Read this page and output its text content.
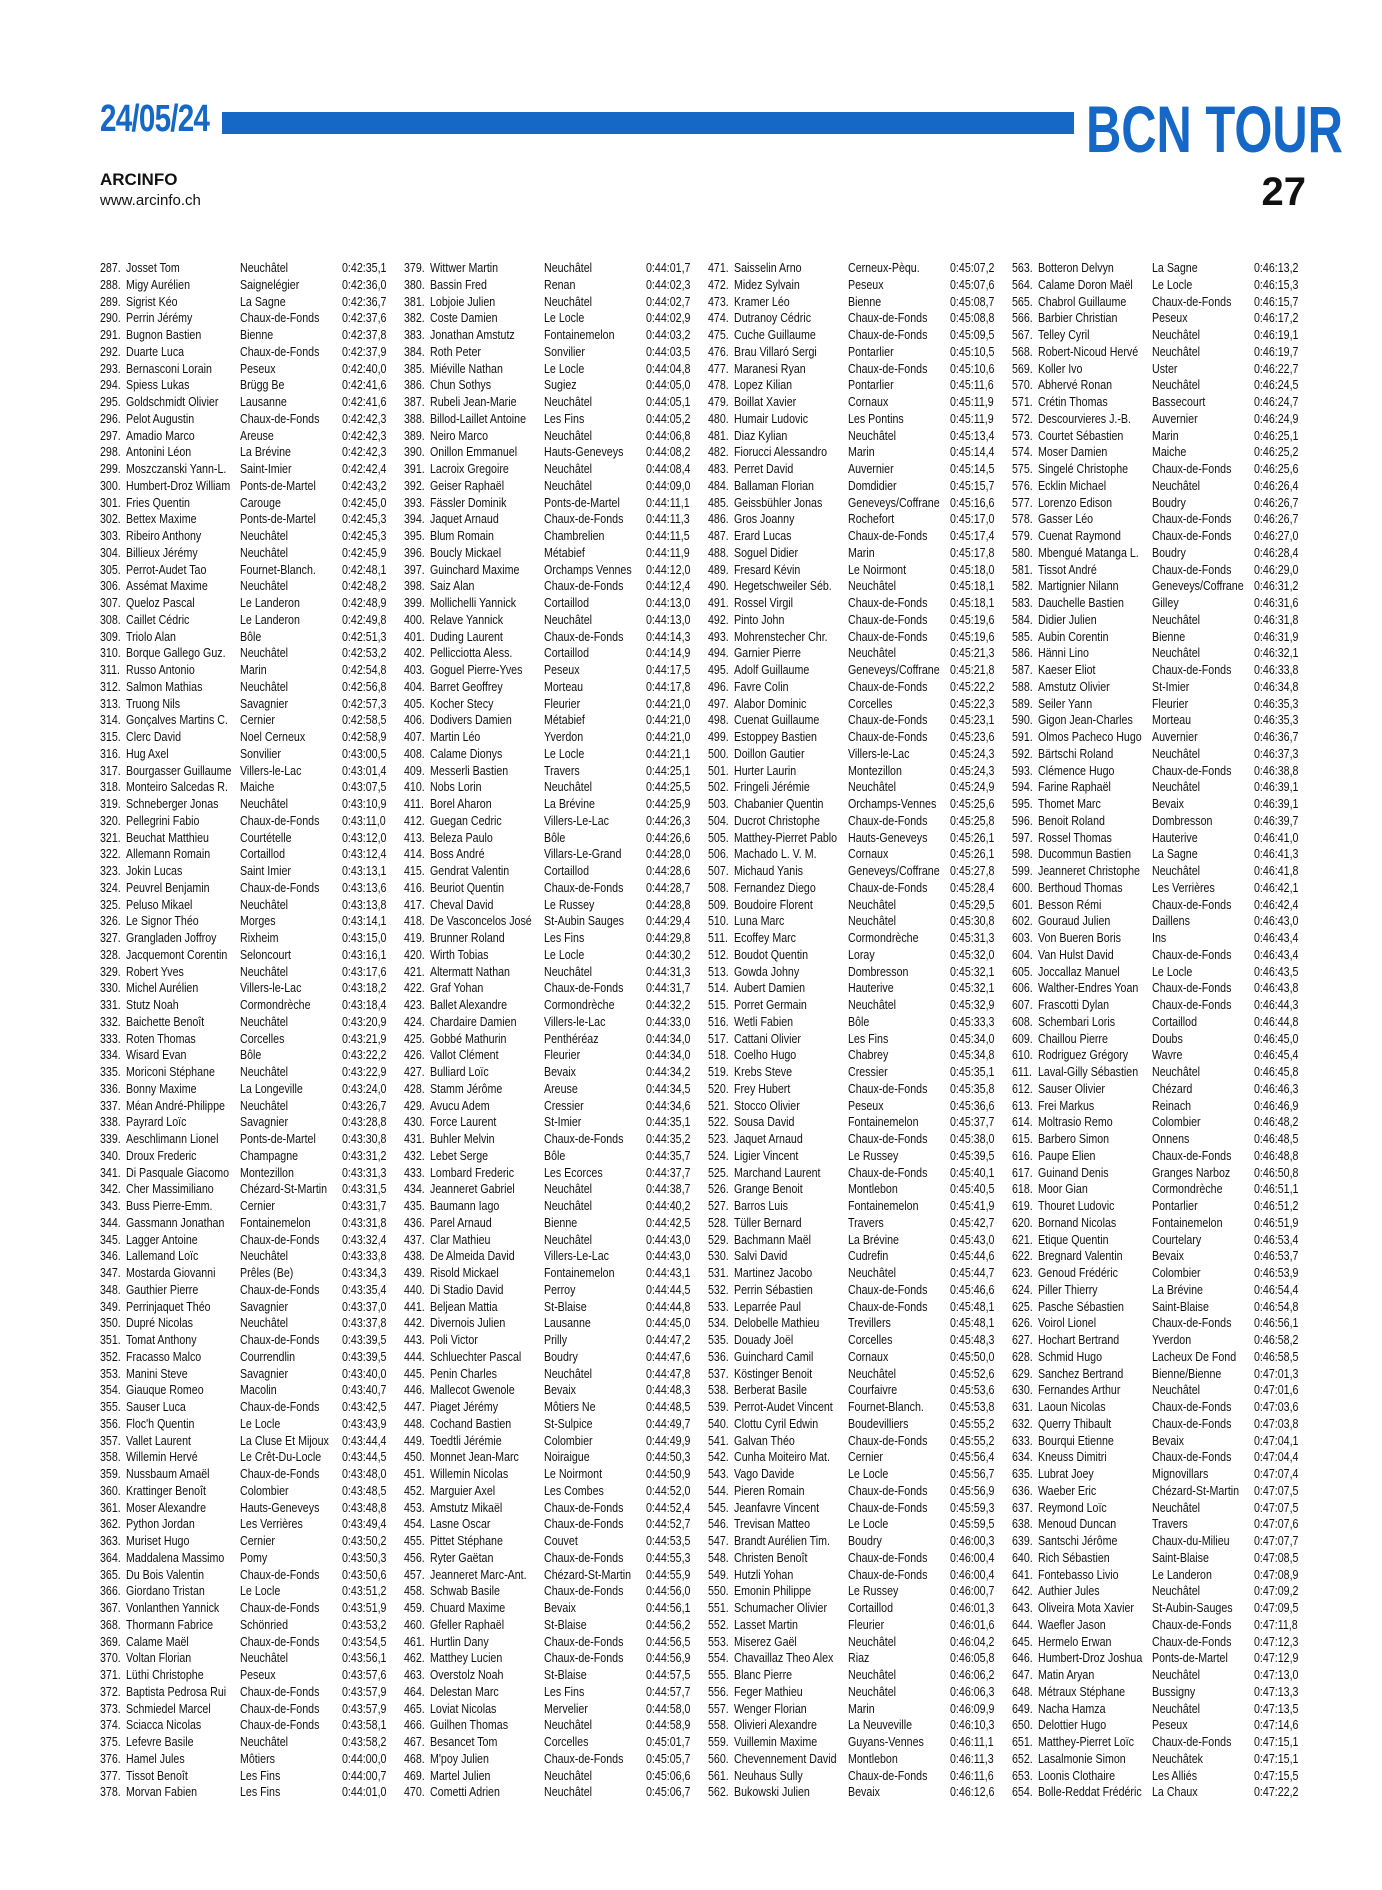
24/05/24	BCN TOUR
ARCINFO
www.arcinfo.ch	27
287.	Josset Tom	Neuchâtel	0:42:35,1
288.	Migy Aurélien	Saignelégier	0:42:36,0
289.	Sigrist Kéo	La Sagne	0:42:36,7
290.	Perrin Jérémy	Chaux-de-Fonds	0:42:37,6
291.	Bugnon Bastien	Bienne	0:42:37,8
292.	Duarte Luca	Chaux-de-Fonds	0:42:37,9
293.	Bernasconi Lorain	Peseux	0:42:40,0
294.	Spiess Lukas	Brügg Be	0:42:41,6
295.	Goldschmidt Olivier	Lausanne	0:42:41,6
296.	Pelot Augustin	Chaux-de-Fonds	0:42:42,3
297.	Amadio Marco	Areuse	0:42:42,3
298.	Antonini Léon	La Brévine	0:42:42,3
299.	Moszczanski Yann-L.	Saint-Imier	0:42:42,4
300.	Humbert-Droz William	Ponts-de-Martel	0:42:43,2
301.	Fries Quentin	Carouge	0:42:45,0
302.	Bettex Maxime	Ponts-de-Martel	0:42:45,3
303.	Ribeiro Anthony	Neuchâtel	0:42:45,3
304.	Billieux Jérémy	Neuchâtel	0:42:45,9
305.	Perrot-Audet Tao	Fournet-Blanch.	0:42:48,1
306.	Assémat Maxime	Neuchâtel	0:42:48,2
307.	Queloz Pascal	Le Landeron	0:42:48,9
308.	Caillet Cédric	Le Landeron	0:42:49,8
309.	Triolo Alan	Bôle	0:42:51,3
310.	Borque Gallego Guz.	Neuchâtel	0:42:53,2
311.	Russo Antonio	Marin	0:42:54,8
312.	Salmon Mathias	Neuchâtel	0:42:56,8
313.	Truong Nils	Savagnier	0:42:57,3
314.	Gonçalves Martins C.	Cernier	0:42:58,5
315.	Clerc David	Noel Cerneux	0:42:58,9
316.	Hug Axel	Sonvilier	0:43:00,5
317.	Bourgasser Guillaume	Villers-le-Lac	0:43:01,4
318.	Monteiro Salcedas R.	Maiche	0:43:07,5
319.	Schneberger Jonas	Neuchâtel	0:43:10,9
320.	Pellegrini Fabio	Chaux-de-Fonds	0:43:11,0
321.	Beuchat Matthieu	Courtételle	0:43:12,0
322.	Allemann Romain	Cortaillod	0:43:12,4
323.	Jokin Lucas	Saint Imier	0:43:13,1
324.	Peuvrel Benjamin	Chaux-de-Fonds	0:43:13,6
325.	Peluso Mikael	Neuchâtel	0:43:13,8
326.	Le Signor Théo	Morges	0:43:14,1
327.	Grangladen Joffroy	Rixheim	0:43:15,0
328.	Jacquemont Corentin	Seloncourt	0:43:16,1
329.	Robert Yves	Neuchâtel	0:43:17,6
330.	Michel Aurélien	Villers-le-Lac	0:43:18,2
331.	Stutz Noah	Cormondrèche	0:43:18,4
332.	Baichette Benoît	Neuchâtel	0:43:20,9
333.	Roten Thomas	Corcelles	0:43:21,9
334.	Wisard Evan	Bôle	0:43:22,2
335.	Moriconi Stéphane	Neuchâtel	0:43:22,9
336.	Bonny Maxime	La Longeville	0:43:24,0
337.	Méan André-Philippe	Neuchâtel	0:43:26,7
338.	Payrard Loïc	Savagnier	0:43:28,8
339.	Aeschlimann Lionel	Ponts-de-Martel	0:43:30,8
340.	Droux Frederic	Champagne	0:43:31,2
341.	Di Pasquale Giacomo	Montezillon	0:43:31,3
342.	Cher Massimiliano	Chézard-St-Martin	0:43:31,5
343.	Buss Pierre-Emm.	Cernier	0:43:31,7
344.	Gassmann Jonathan	Fontainemelon	0:43:31,8
345.	Lagger Antoine	Chaux-de-Fonds	0:43:32,4
346.	Lallemand Loïc	Neuchâtel	0:43:33,8
347.	Mostarda Giovanni	Prêles (Be)	0:43:34,3
348.	Gauthier Pierre	Chaux-de-Fonds	0:43:35,4
349.	Perrinjaquet Théo	Savagnier	0:43:37,0
350.	Dupré Nicolas	Neuchâtel	0:43:37,8
351.	Tomat Anthony	Chaux-de-Fonds	0:43:39,5
352.	Fracasso Malco	Courrendlin	0:43:39,5
353.	Manini Steve	Savagnier	0:43:40,0
354.	Giauque Romeo	Macolin	0:43:40,7
355.	Sauser Luca	Chaux-de-Fonds	0:43:42,5
356.	Floc'h Quentin	Le Locle	0:43:43,9
357.	Vallet Laurent	La Cluse Et Mijoux	0:43:44,4
358.	Willemin Hervé	Le Crêt-Du-Locle	0:43:44,5
359.	Nussbaum Amaël	Chaux-de-Fonds	0:43:48,0
360.	Krattinger Benoît	Colombier	0:43:48,5
361.	Moser Alexandre	Hauts-Geneveys	0:43:48,8
362.	Python Jordan	Les Verrières	0:43:49,4
363.	Muriset Hugo	Cernier	0:43:50,2
364.	Maddalena Massimo	Pomy	0:43:50,3
365.	Du Bois Valentin	Chaux-de-Fonds	0:43:50,6
366.	Giordano Tristan	Le Locle	0:43:51,2
367.	Vonlanthen Yannick	Chaux-de-Fonds	0:43:51,9
368.	Thormann Fabrice	Schönried	0:43:53,2
369.	Calame Maël	Chaux-de-Fonds	0:43:54,5
370.	Voltan Florian	Neuchâtel	0:43:56,1
371.	Lüthi Christophe	Peseux	0:43:57,6
372.	Baptista Pedrosa Rui	Chaux-de-Fonds	0:43:57,9
373.	Schmiedel Marcel	Chaux-de-Fonds	0:43:57,9
374.	Sciacca Nicolas	Chaux-de-Fonds	0:43:58,1
375.	Lefevre Basile	Neuchâtel	0:43:58,2
376.	Hamel Jules	Môtiers	0:44:00,0
377.	Tissot Benoît	Les Fins	0:44:00,7
378.	Morvan Fabien	Les Fins	0:44:01,0
379.	Wittwer Martin	Neuchâtel	0:44:01,7
380.	Bassin Fred	Renan	0:44:02,3
381.	Lobjoie Julien	Neuchâtel	0:44:02,7
382.	Coste Damien	Le Locle	0:44:02,9
383.	Jonathan Amstutz	Fontainemelon	0:44:03,2
384.	Roth Peter	Sonvilier	0:44:03,5
385.	Miéville Nathan	Le Locle	0:44:04,8
386.	Chun Sothys	Sugiez	0:44:05,0
387.	Rubeli Jean-Marie	Neuchâtel	0:44:05,1
388.	Billod-Laillet Antoine	Les Fins	0:44:05,2
389.	Neiro Marco	Neuchâtel	0:44:06,8
390.	Onillon Emmanuel	Hauts-Geneveys	0:44:08,2
391.	Lacroix Gregoire	Neuchâtel	0:44:08,4
392.	Geiser Raphaël	Neuchâtel	0:44:09,0
393.	Fässler Dominik	Ponts-de-Martel	0:44:11,1
394.	Jaquet Arnaud	Chaux-de-Fonds	0:44:11,3
395.	Blum Romain	Chambrelien	0:44:11,5
396.	Boucly Mickael	Métabief	0:44:11,9
397.	Guinchard Maxime	Orchamps Vennes	0:44:12,0
398.	Saiz Alan	Chaux-de-Fonds	0:44:12,4
399.	Mollichelli Yannick	Cortaillod	0:44:13,0
400.	Relave Yannick	Neuchâtel	0:44:13,0
401.	Duding Laurent	Chaux-de-Fonds	0:44:14,3
402.	Pellicciotta Aless.	Cortaillod	0:44:14,9
403.	Goguel Pierre-Yves	Peseux	0:44:17,5
404.	Barret Geoffrey	Morteau	0:44:17,8
405.	Kocher Stecy	Fleurier	0:44:21,0
406.	Dodivers Damien	Métabief	0:44:21,0
407.	Martin Léo	Yverdon	0:44:21,0
408.	Calame Dionys	Le Locle	0:44:21,1
409.	Messerli Bastien	Travers	0:44:25,1
410.	Nobs Lorin	Neuchâtel	0:44:25,5
411.	Borel Aharon	La Brévine	0:44:25,9
412.	Guegan Cedric	Villers-Le-Lac	0:44:26,3
413.	Beleza Paulo	Bôle	0:44:26,6
414.	Boss André	Villars-Le-Grand	0:44:28,0
415.	Gendrat Valentin	Cortaillod	0:44:28,6
416.	Beuriot Quentin	Chaux-de-Fonds	0:44:28,7
417.	Cheval David	Le Russey	0:44:28,8
418.	De Vasconcelos José	St-Aubin Sauges	0:44:29,4
419.	Brunner Roland	Les Fins	0:44:29,8
420.	Wirth Tobias	Le Locle	0:44:30,2
421.	Altermatt Nathan	Neuchâtel	0:44:31,3
422.	Graf Yohan	Chaux-de-Fonds	0:44:31,7
423.	Ballet Alexandre	Cormondrèche	0:44:32,2
424.	Chardaire Damien	Villers-le-Lac	0:44:33,0
425.	Gobbé Mathurin	Penthéréaz	0:44:34,0
426.	Vallot Clément	Fleurier	0:44:34,0
427.	Bulliard Loïc	Bevaix	0:44:34,2
428.	Stamm Jérôme	Areuse	0:44:34,5
429.	Avucu Adem	Cressier	0:44:34,6
430.	Force Laurent	St-Imier	0:44:35,1
431.	Buhler Melvin	Chaux-de-Fonds	0:44:35,2
432.	Lebet Serge	Bôle	0:44:35,7
433.	Lombard Frederic	Les Ecorces	0:44:37,7
434.	Jeanneret Gabriel	Neuchâtel	0:44:38,7
435.	Baumann Iago	Neuchâtel	0:44:40,2
436.	Parel Arnaud	Bienne	0:44:42,5
437.	Clar Mathieu	Neuchâtel	0:44:43,0
438.	De Almeida David	Villers-Le-Lac	0:44:43,0
439.	Risold Mickael	Fontainemelon	0:44:43,1
440.	Di Stadio David	Perroy	0:44:44,5
441.	Beljean Mattia	St-Blaise	0:44:44,8
442.	Divernois Julien	Lausanne	0:44:45,0
443.	Poli Victor	Prilly	0:44:47,2
444.	Schluechter Pascal	Boudry	0:44:47,6
445.	Penin Charles	Neuchâtel	0:44:47,8
446.	Mallecot Gwenole	Bevaix	0:44:48,3
447.	Piaget Jérémy	Môtiers Ne	0:44:48,5
448.	Cochand Bastien	St-Sulpice	0:44:49,7
449.	Toedtli Jérémie	Colombier	0:44:49,9
450.	Monnet Jean-Marc	Noiraigue	0:44:50,3
451.	Willemin Nicolas	Le Noirmont	0:44:50,9
452.	Marguier Axel	Les Combes	0:44:52,0
453.	Amstutz Mikaël	Chaux-de-Fonds	0:44:52,4
454.	Lasne Oscar	Chaux-de-Fonds	0:44:52,7
455.	Pittet Stéphane	Couvet	0:44:53,5
456.	Ryter Gaëtan	Chaux-de-Fonds	0:44:55,3
457.	Jeanneret Marc-Ant.	Chézard-St-Martin	0:44:55,9
458.	Schwab Basile	Chaux-de-Fonds	0:44:56,0
459.	Chuard Maxime	Bevaix	0:44:56,1
460.	Gfeller Raphaël	St-Blaise	0:44:56,2
461.	Hurtlin Dany	Chaux-de-Fonds	0:44:56,5
462.	Matthey Lucien	Chaux-de-Fonds	0:44:56,9
463.	Overstolz Noah	St-Blaise	0:44:57,5
464.	Delestan Marc	Les Fins	0:44:57,7
465.	Loviat Nicolas	Mervelier	0:44:58,0
466.	Guilhen Thomas	Neuchâtel	0:44:58,9
467.	Besancet Tom	Corcelles	0:45:01,7
468.	M'poy Julien	Chaux-de-Fonds	0:45:05,7
469.	Martel Julien	Neuchâtel	0:45:06,6
470.	Cometti Adrien	Neuchâtel	0:45:06,7
471.	Saisselin Arno	Cerneux-Pèqu.	0:45:07,2
472.	Midez Sylvain	Peseux	0:45:07,6
473.	Kramer Léo	Bienne	0:45:08,7
474.	Dutranoy Cédric	Chaux-de-Fonds	0:45:08,8
475.	Cuche Guillaume	Chaux-de-Fonds	0:45:09,5
476.	Brau Villaró Sergi	Pontarlier	0:45:10,5
477.	Maranesi Ryan	Chaux-de-Fonds	0:45:10,6
478.	Lopez Kilian	Pontarlier	0:45:11,6
479.	Boillat Xavier	Cornaux	0:45:11,9
480.	Humair Ludovic	Les Pontins	0:45:11,9
481.	Diaz Kylian	Neuchâtel	0:45:13,4
482.	Fiorucci Alessandro	Marin	0:45:14,4
483.	Perret David	Auvernier	0:45:14,5
484.	Ballaman Florian	Domdidier	0:45:15,7
485.	Geissbühler Jonas	Geneveys/Coffrane	0:45:16,6
486.	Gros Joanny	Rochefort	0:45:17,0
487.	Erard Lucas	Chaux-de-Fonds	0:45:17,4
488.	Soguel Didier	Marin	0:45:17,8
489.	Fresard Kévin	Le Noirmont	0:45:18,0
490.	Hegetschweiler Séb.	Neuchâtel	0:45:18,1
491.	Rossel Virgil	Chaux-de-Fonds	0:45:18,1
492.	Pinto John	Chaux-de-Fonds	0:45:19,6
493.	Mohrenstecher Chr.	Chaux-de-Fonds	0:45:19,6
494.	Garnier Pierre	Neuchâtel	0:45:21,3
495.	Adolf Guillaume	Geneveys/Coffrane	0:45:21,8
496.	Favre Colin	Chaux-de-Fonds	0:45:22,2
497.	Alabor Dominic	Corcelles	0:45:22,3
498.	Cuenat Guillaume	Chaux-de-Fonds	0:45:23,1
499.	Estoppey Bastien	Chaux-de-Fonds	0:45:23,6
500.	Doillon Gautier	Villers-le-Lac	0:45:24,3
501.	Hurter Laurin	Montezillon	0:45:24,3
502.	Fringeli Jérémie	Neuchâtel	0:45:24,9
503.	Chabanier Quentin	Orchamps-Vennes	0:45:25,6
504.	Ducrot Christophe	Chaux-de-Fonds	0:45:25,8
505.	Matthey-Pierret Pablo	Hauts-Geneveys	0:45:26,1
506.	Machado L. V. M.	Cornaux	0:45:26,1
507.	Michaud Yanis	Geneveys/Coffrane	0:45:27,8
508.	Fernandez Diego	Chaux-de-Fonds	0:45:28,4
509.	Boudoire Florent	Neuchâtel	0:45:29,5
510.	Luna Marc	Neuchâtel	0:45:30,8
511.	Ecoffey Marc	Cormondrèche	0:45:31,3
512.	Boudot Quentin	Loray	0:45:32,0
513.	Gowda Johny	Dombresson	0:45:32,1
514.	Aubert Damien	Hauterive	0:45:32,1
515.	Porret Germain	Neuchâtel	0:45:32,9
516.	Wetli Fabien	Bôle	0:45:33,3
517.	Cattani Olivier	Les Fins	0:45:34,0
518.	Coelho Hugo	Chabrey	0:45:34,8
519.	Krebs Steve	Cressier	0:45:35,1
520.	Frey Hubert	Chaux-de-Fonds	0:45:35,8
521.	Stocco Olivier	Peseux	0:45:36,6
522.	Sousa David	Fontainemelon	0:45:37,7
523.	Jaquet Arnaud	Chaux-de-Fonds	0:45:38,0
524.	Ligier Vincent	Le Russey	0:45:39,5
525.	Marchand Laurent	Chaux-de-Fonds	0:45:40,1
526.	Grange Benoit	Montlebon	0:45:40,5
527.	Barros Luis	Fontainemelon	0:45:41,9
528.	Tüller Bernard	Travers	0:45:42,7
529.	Bachmann Maël	La Brévine	0:45:43,0
530.	Salvi David	Cudrefin	0:45:44,6
531.	Martinez Jacobo	Neuchâtel	0:45:44,7
532.	Perrin Sébastien	Chaux-de-Fonds	0:45:46,6
533.	Leparrée Paul	Chaux-de-Fonds	0:45:48,1
534.	Delobelle Mathieu	Trevillers	0:45:48,1
535.	Douady Joël	Corcelles	0:45:48,3
536.	Guinchard Camil	Cornaux	0:45:50,0
537.	Köstinger Benoit	Neuchâtel	0:45:52,6
538.	Berberat Basile	Courfaivre	0:45:53,6
539.	Perrot-Audet Vincent	Fournet-Blanch.	0:45:53,8
540.	Clottu Cyril Edwin	Boudevilliers	0:45:55,2
541.	Galvan Théo	Chaux-de-Fonds	0:45:55,2
542.	Cunha Moiteiro Mat.	Cernier	0:45:56,4
543.	Vago Davide	Le Locle	0:45:56,7
544.	Pieren Romain	Chaux-de-Fonds	0:45:56,9
545.	Jeanfavre Vincent	Chaux-de-Fonds	0:45:59,3
546.	Trevisan Matteo	Le Locle	0:45:59,5
547.	Brandt Aurélien Tim.	Boudry	0:46:00,3
548.	Christen Benoît	Chaux-de-Fonds	0:46:00,4
549.	Hutzli Yohan	Chaux-de-Fonds	0:46:00,4
550.	Emonin Philippe	Le Russey	0:46:00,7
551.	Schumacher Olivier	Cortaillod	0:46:01,3
552.	Lasset Martin	Fleurier	0:46:01,6
553.	Miserez Gaël	Neuchâtel	0:46:04,2
554.	Chavaillaz Theo Alex	Riaz	0:46:05,8
555.	Blanc Pierre	Neuchâtel	0:46:06,2
556.	Feger Mathieu	Neuchâtel	0:46:06,3
557.	Wenger Florian	Marin	0:46:09,9
558.	Olivieri Alexandre	La Neuveville	0:46:10,3
559.	Vuillemin Maxime	Guyans-Vennes	0:46:11,1
560.	Chevennement David	Montlebon	0:46:11,3
561.	Neuhaus Sully	Chaux-de-Fonds	0:46:11,6
562.	Bukowski Julien	Bevaix	0:46:12,6
563.	Botteron Delvyn	La Sagne	0:46:13,2
564.	Calame Doron Maël	Le Locle	0:46:15,3
565.	Chabrol Guillaume	Chaux-de-Fonds	0:46:15,7
566.	Barbier Christian	Peseux	0:46:17,2
567.	Telley Cyril	Neuchâtel	0:46:19,1
568.	Robert-Nicoud Hervé	Neuchâtel	0:46:19,7
569.	Koller Ivo	Uster	0:46:22,7
570.	Abhervé Ronan	Neuchâtel	0:46:24,5
571.	Crétin Thomas	Bassecourt	0:46:24,7
572.	Descourvieres J.-B.	Auvernier	0:46:24,9
573.	Courtet Sébastien	Marin	0:46:25,1
574.	Moser Damien	Maiche	0:46:25,2
575.	Singelé Christophe	Chaux-de-Fonds	0:46:25,6
576.	Ecklin Michael	Neuchâtel	0:46:26,4
577.	Lorenzo Edison	Boudry	0:46:26,7
578.	Gasser Léo	Chaux-de-Fonds	0:46:26,7
579.	Cuenat Raymond	Chaux-de-Fonds	0:46:27,0
580.	Mbengué Matanga L.	Boudry	0:46:28,4
581.	Tissot André	Chaux-de-Fonds	0:46:29,0
582.	Martignier Nilann	Geneveys/Coffrane	0:46:31,2
583.	Dauchelle Bastien	Gilley	0:46:31,6
584.	Didier Julien	Neuchâtel	0:46:31,8
585.	Aubin Corentin	Bienne	0:46:31,9
586.	Hänni Lino	Neuchâtel	0:46:32,1
587.	Kaeser Eliot	Chaux-de-Fonds	0:46:33,8
588.	Amstutz Olivier	St-Imier	0:46:34,8
589.	Seiler Yann	Fleurier	0:46:35,3
590.	Gigon Jean-Charles	Morteau	0:46:35,3
591.	Olmos Pacheco Hugo	Auvernier	0:46:36,7
592.	Bärtschi Roland	Neuchâtel	0:46:37,3
593.	Clémence Hugo	Chaux-de-Fonds	0:46:38,8
594.	Farine Raphaël	Neuchâtel	0:46:39,1
595.	Thomet Marc	Bevaix	0:46:39,1
596.	Benoit Roland	Dombresson	0:46:39,7
597.	Rossel Thomas	Hauterive	0:46:41,0
598.	Ducommun Bastien	La Sagne	0:46:41,3
599.	Jeanneret Christophe	Neuchâtel	0:46:41,8
600.	Berthoud Thomas	Les Verrières	0:46:42,1
601.	Besson Rémi	Chaux-de-Fonds	0:46:42,4
602.	Gouraud Julien	Daillens	0:46:43,0
603.	Von Bueren Boris	Ins	0:46:43,4
604.	Van Hulst David	Chaux-de-Fonds	0:46:43,4
605.	Joccallaz Manuel	Le Locle	0:46:43,5
606.	Walther-Endres Yoan	Chaux-de-Fonds	0:46:43,8
607.	Frascotti Dylan	Chaux-de-Fonds	0:46:44,3
608.	Schembari Loris	Cortaillod	0:46:44,8
609.	Chaillou Pierre	Doubs	0:46:45,0
610.	Rodriguez Grégory	Wavre	0:46:45,4
611.	Laval-Gilly Sébastien	Neuchâtel	0:46:45,8
612.	Sauser Olivier	Chézard	0:46:46,3
613.	Frei Markus	Reinach	0:46:46,9
614.	Moltrasio Remo	Colombier	0:46:48,2
615.	Barbero Simon	Onnens	0:46:48,5
616.	Paupe Elien	Chaux-de-Fonds	0:46:48,8
617.	Guinand Denis	Granges Narboz	0:46:50,8
618.	Moor Gian	Cormondrèche	0:46:51,1
619.	Thouret Ludovic	Pontarlier	0:46:51,2
620.	Bornand Nicolas	Fontainemelon	0:46:51,9
621.	Etique Quentin	Courtelary	0:46:53,4
622.	Bregnard Valentin	Bevaix	0:46:53,7
623.	Genoud Frédéric	Colombier	0:46:53,9
624.	Piller Thierry	La Brévine	0:46:54,4
625.	Pasche Sébastien	Saint-Blaise	0:46:54,8
626.	Voirol Lionel	Chaux-de-Fonds	0:46:56,1
627.	Hochart Bertrand	Yverdon	0:46:58,2
628.	Schmid Hugo	Lacheux De Fond	0:46:58,5
629.	Sanchez Bertrand	Bienne/Bienne	0:47:01,3
630.	Fernandes Arthur	Neuchâtel	0:47:01,6
631.	Laoun Nicolas	Chaux-de-Fonds	0:47:03,6
632.	Querry Thibault	Chaux-de-Fonds	0:47:03,8
633.	Bourqui Etienne	Bevaix	0:47:04,1
634.	Kneuss Dimitri	Chaux-de-Fonds	0:47:04,4
635.	Lubrat Joey	Mignovillars	0:47:07,4
636.	Waeber Eric	Chézard-St-Martin	0:47:07,5
637.	Reymond Loïc	Neuchâtel	0:47:07,5
638.	Menoud Duncan	Travers	0:47:07,6
639.	Santschi Jérôme	Chaux-du-Milieu	0:47:07,7
640.	Rich Sébastien	Saint-Blaise	0:47:08,5
641.	Fontebasso Livio	Le Landeron	0:47:08,9
642.	Authier Jules	Neuchâtel	0:47:09,2
643.	Oliveira Mota Xavier	St-Aubin-Sauges	0:47:09,5
644.	Waefler Jason	Chaux-de-Fonds	0:47:11,8
645.	Hermelo Erwan	Chaux-de-Fonds	0:47:12,3
646.	Humbert-Droz Joshua	Ponts-de-Martel	0:47:12,9
647.	Matin Aryan	Neuchâtel	0:47:13,0
648.	Métraux Stéphane	Bussigny	0:47:13,3
649.	Nacha Hamza	Neuchâtel	0:47:13,5
650.	Delottier Hugo	Peseux	0:47:14,6
651.	Matthey-Pierret Loïc	Chaux-de-Fonds	0:47:15,1
652.	Lasalmonie Simon	Neuchâtek	0:47:15,1
653.	Loonis Clothaire	Les Alliés	0:47:15,5
654.	Bolle-Reddat Frédéric	La Chaux	0:47:22,2
